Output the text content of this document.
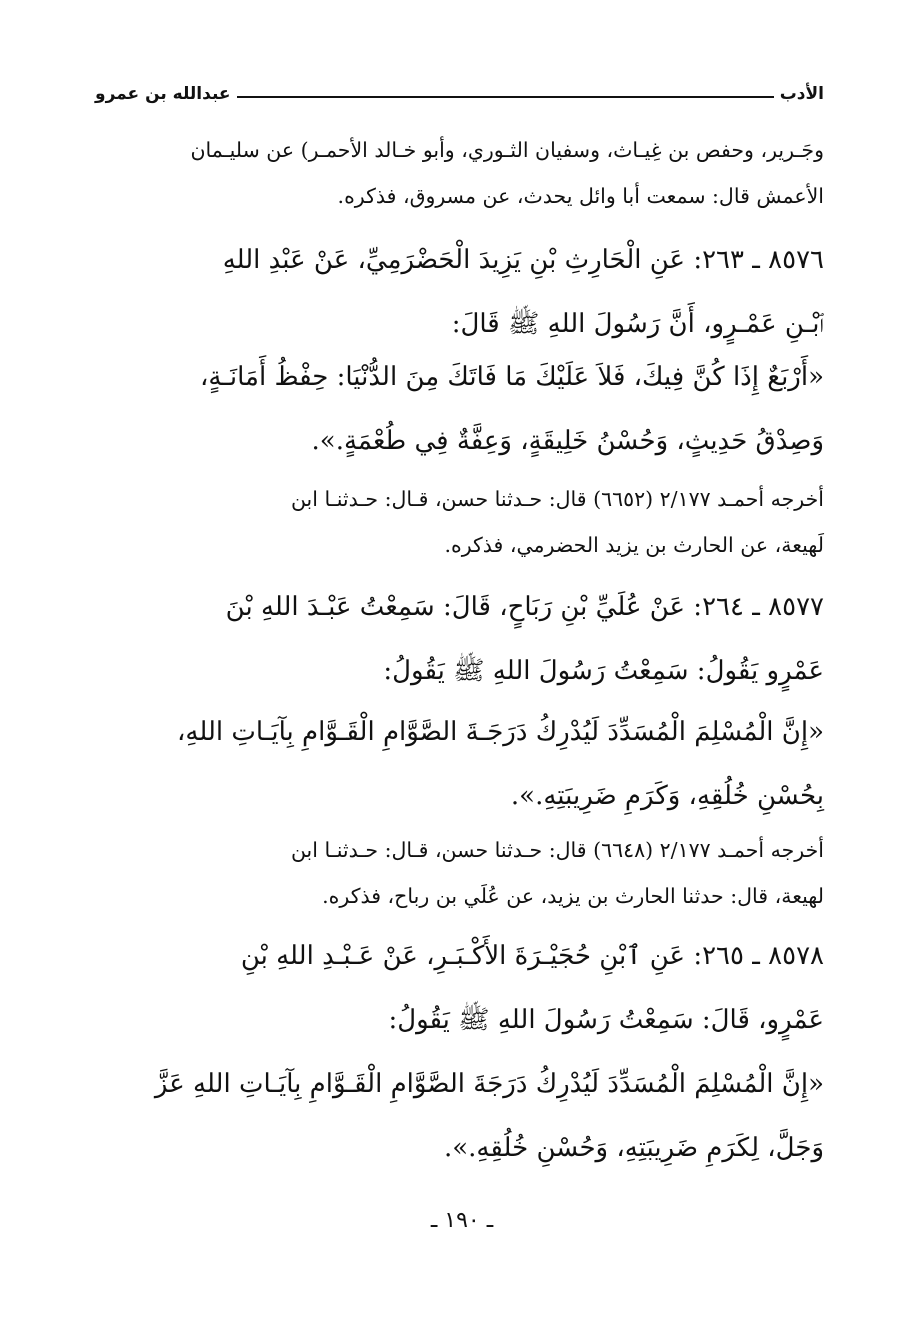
الأدب
عبدالله بن عمرو
وجَـرير، وحفص بن غِيـاث، وسفيان الثـوري، وأبو خـالد الأحمـر) عن سليـمان
الأعمش قال: سمعت أبا وائل يحدث، عن مسروق، فذكره.
٨٥٧٦ ـ ٢٦٣: عَنِ الْحَارِثِ بْنِ يَزِيدَ الْحَضْرَمِيِّ، عَنْ عَبْدِ اللهِ
ٱبْـنِ عَمْـرٍو، أَنَّ رَسُولَ اللهِ ﷺ قَالَ:
«أَرْبَعٌ إِذَا كُنَّ فِيكَ، فَلاَ عَلَيْكَ مَا فَاتَكَ مِنَ الدُّنْيَا: حِفْظُ أَمَانَـةٍ،
وَصِدْقُ حَدِيثٍ، وَحُسْنُ خَلِيقَةٍ، وَعِفَّةٌ فِي طُعْمَةٍ.».
أخرجه أحمـد ٢/١٧٧ (٦٦٥٢) قال: حـدثنا حسن، قـال: حـدثنـا ابن
لَهيعة، عن الحارث بن يزيد الحضرمي، فذكره.
٨٥٧٧ ـ ٢٦٤: عَنْ عُلَيِّ بْنِ رَبَاحٍ، قَالَ: سَمِعْتُ عَبْـدَ اللهِ بْنَ
عَمْرٍو يَقُولُ: سَمِعْتُ رَسُولَ اللهِ ﷺ يَقُولُ:
«إِنَّ الْمُسْلِمَ الْمُسَدِّدَ لَيُدْرِكُ دَرَجَـةَ الصَّوَّامِ الْقَـوَّامِ بِآيَـاتِ اللهِ،
بِحُسْنِ خُلُقِهِ، وَكَرَمِ ضَرِيبَتِهِ.».
أخرجه أحمـد ٢/١٧٧ (٦٦٤٨) قال: حـدثنا حسن، قـال: حـدثنـا ابن
لهيعة، قال: حدثنا الحارث بن يزيد، عن عُلَي بن رباح، فذكره.
٨٥٧٨ ـ ٢٦٥: عَنِ ٱبْنِ حُجَيْـرَةَ الأَكْـبَـرِ، عَنْ عَـبْـدِ اللهِ بْنِ
عَمْرٍو، قَالَ: سَمِعْتُ رَسُولَ اللهِ ﷺ يَقُولُ:
«إِنَّ الْمُسْلِمَ الْمُسَدِّدَ لَيُدْرِكُ دَرَجَةَ الصَّوَّامِ الْقَـوَّامِ بِآيَـاتِ اللهِ عَزَّ
وَجَلَّ، لِكَرَمِ ضَرِيبَتِهِ، وَحُسْنِ خُلُقِهِ.».
ـ ١٩٠ ـ
